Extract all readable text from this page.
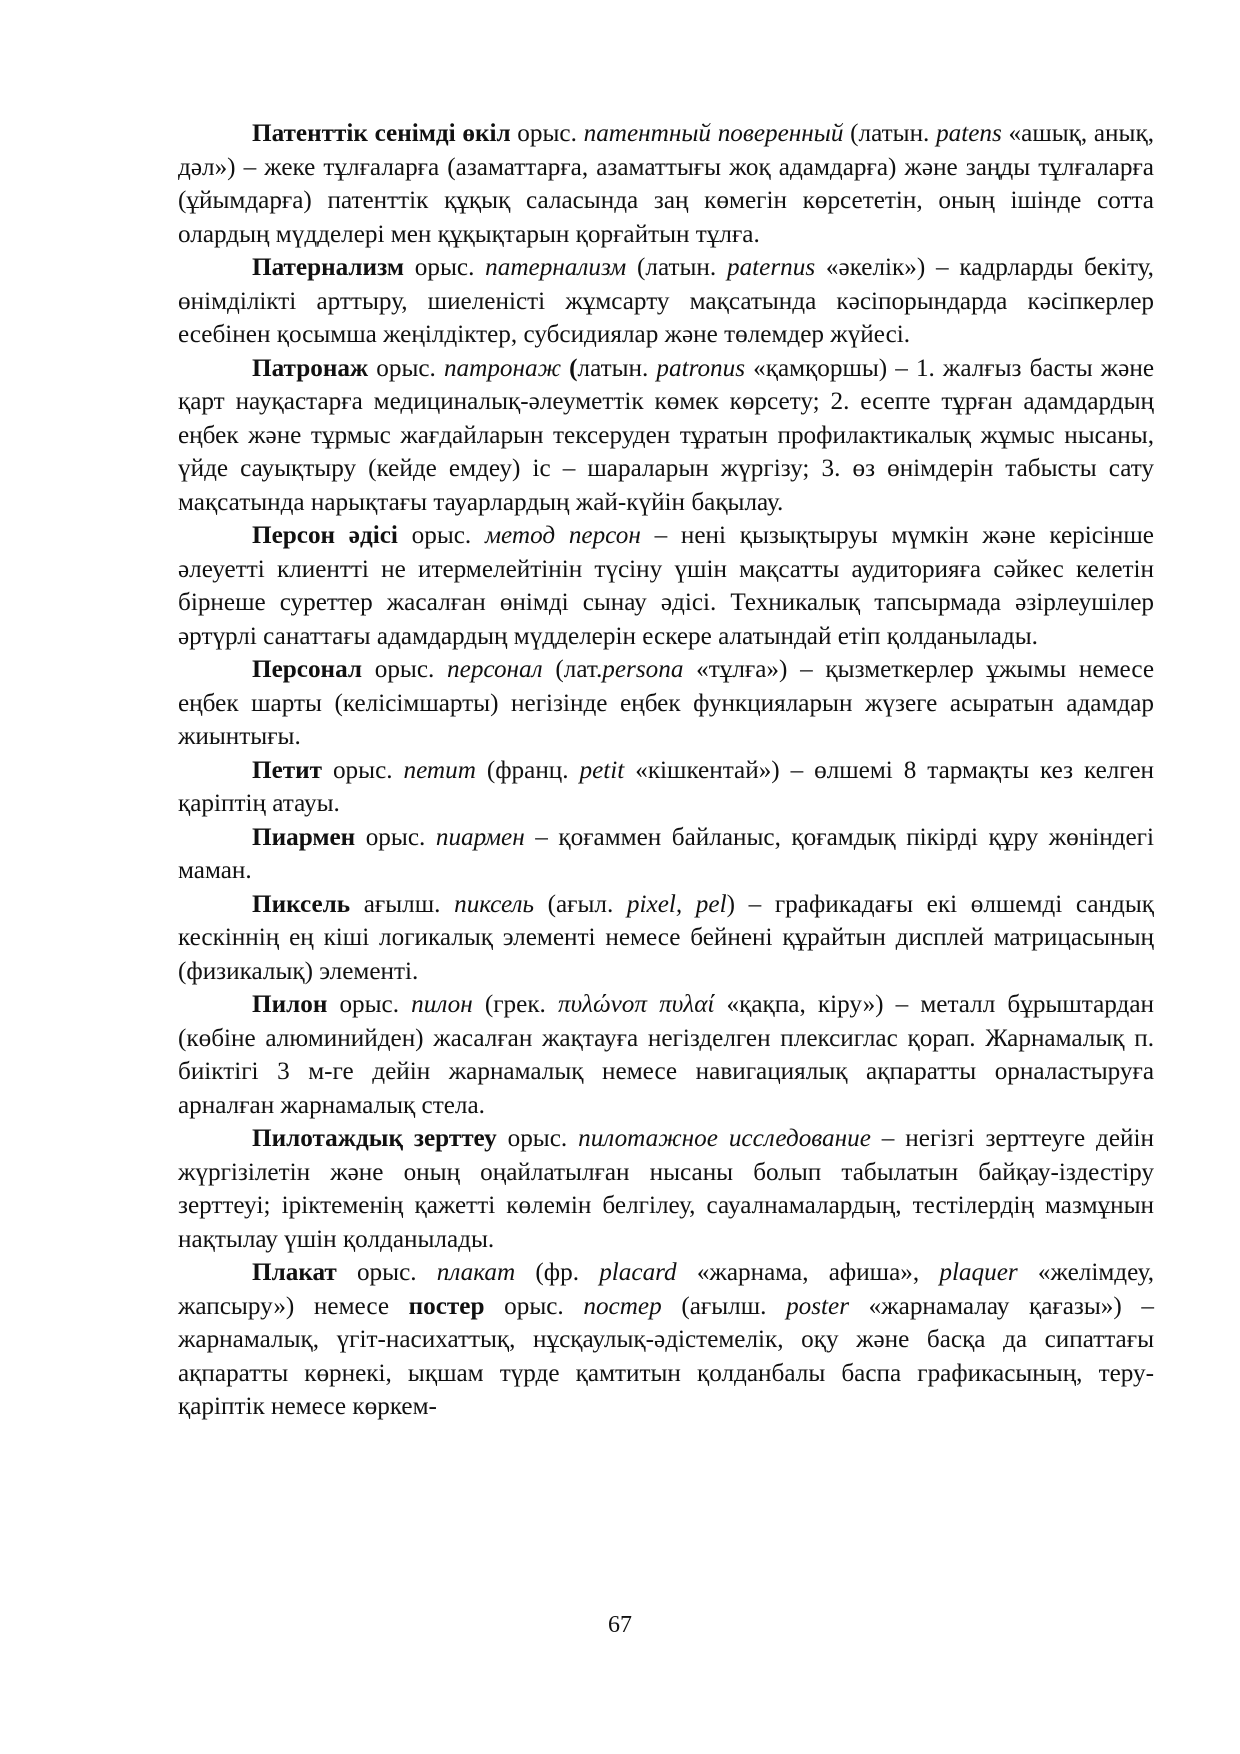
Патенттік сенімді өкіл орыс. патентный поверенный (латын. patens «ашық, анық, дәл») – жеке тұлғаларға (азаматтарға, азаматтығы жоқ адамдарға) және заңды тұлғаларға (ұйымдарға) патенттік құқық саласында заң көмегін көрсететін, оның ішінде сотта олардың мүдделері мен құқықтарын қорғайтын тұлға.

Патернализм орыс. патернализм (латын. paternus «әкелік») – кадрларды бекіту, өнімділікті арттыру, шиеленісті жұмсарту мақсатында кәсіпорындарда кәсіпкерлер есебінен қосымша жеңілдіктер, субсидиялар және төлемдер жүйесі.

Патронаж орыс. патронаж (латын. patronus «қамқоршы) – 1. жалғыз басты және қарт науқастарға медициналық-әлеуметтік көмек көрсету; 2. есепте тұрған адамдардың еңбек және тұрмыс жағдайларын тексеруден тұратын профилактикалық жұмыс нысаны, үйде сауықтыру (кейде емдеу) іс – шараларын жүргізу; 3. өз өнімдерін табысты сату мақсатында нарықтағы тауарлардың жай-күйін бақылау.

Персон әдісі орыс. метод персон – нені қызықтыруы мүмкін және керісінше әлеуетті клиентті не итермелейтінін түсіну үшін мақсатты аудиторияға сәйкес келетін бірнеше суреттер жасалған өнімді сынау әдісі. Техникалық тапсырмада әзірлеушілер әртүрлі санаттағы адамдардың мүдделерін ескере алатындай етіп қолданылады.

Персонал орыс. персонал (лат.persona «тұлға») – қызметкерлер ұжымы немесе еңбек шарты (келісімшарты) негізінде еңбек функцияларын жүзеге асыратын адамдар жиынтығы.

Петит орыс. петит (франц. petit «кішкентай») – өлшемі 8 тармақты кез келген қаріптің атауы.

Пиармен орыс. пиармен – қоғаммен байланыс, қоғамдық пікірді құру жөніндегі маман.

Пиксель ағылш. пиксель (ағыл. pixel, pel) – графикадағы екі өлшемді сандық кескіннің ең кіші логикалық элементі немесе бейнені құрайтын дисплей матрицасының (физикалық) элементі.

Пилон орыс. пилон (грек. πυλώνοπ πυλαί «қақпа, кіру») – металл бұрыштардан (көбіне алюминийден) жасалған жақтауға негізделген плексиглас қорап. Жарнамалық п. биіктігі 3 м-ге дейін жарнамалық немесе навигациялық ақпаратты орналастыруға арналған жарнамалық стела.

Пилотаждық зерттеу орыс. пилотажное исследование – негізгі зерттеуге дейін жүргізілетін және оның оңайлатылған нысаны болып табылатын байқау-іздестіру зерттеуі; іріктеменің қажетті көлемін белгілеу, сауалнамалардың, тестілердің мазмұнын нақтылау үшін қолданылады.

Плакат орыс. плакат (фр. placard «жарнама, афиша», plaquer «желімдеу, жапсыру») немесе постер орыс. постер (ағылш. poster «жарнамалау қағазы») – жарнамалық, үгіт-насихаттық, нұсқаулық-әдістемелік, оқу және басқа да сипаттағы ақпаратты көрнекі, ықшам түрде қамтитын қолданбалы баспа графикасының, теру-қаріптік немесе көркем-

67
